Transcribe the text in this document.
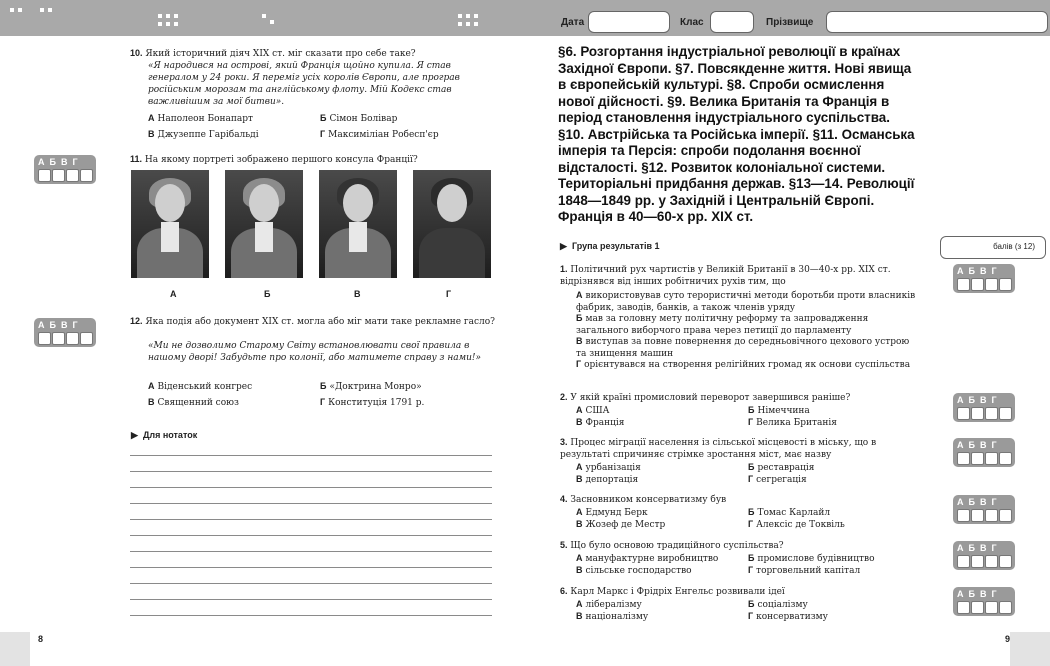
Дата	Клас	Прізвище
8	9
10. Який історичний діяч ХІХ ст. міг сказати про себе таке?
«Я народився на острові, який Франція щойно купила. Я став генералом у 24 роки. Я переміг усіх королів Європи, але програв російським морозам та англійському флоту. Мій Кодекс став важливішим за мої битви».
А Наполеон Бонапарт	Б Сімон Болівар
В Джузеппе Гарібальді	Г Максиміліан Робесп'єр
АБВГ	11. На якому портреті зображено першого консула Франції?
А	Б	В	Г
АБВГ	12. Яка подія або документ ХІХ ст. могла або міг мати таке рекламне гасло?
«Ми не дозволимо Старому Світу встановлювати свої правила в нашому дворі! Забудьте про колонії, або матимете справу з нами!»
А Віденський конгрес	Б «Доктрина Монро»
В Священний союз	Г Конституція 1791 р.
▶  Для нотаток
§6. Розгортання індустріальної революції в країнах Західної Європи. §7. Повсякденне життя. Нові явища в європейській культурі. §8. Спроби осмислення нової дійсності. §9. Велика Британія та Франція в період становлення індустріального суспільства. §10. Австрійська та Російська імперії. §11. Османська імперія та Персія: спроби подолання воєнної відсталості. §12. Розвиток колоніальної системи. Територіальні придбання держав. §13—14. Революції 1848—1849 рр. у Західній і Центральній Європі. Франція в 40—60-х рр. ХІХ ст.
▶  Група результатів 1	балів (з 12)
1. Політичний рух чартистів у Великій Британії в 30—40-х рр. ХІХ ст. відрізнявся від інших робітничих рухів тим, що
А використовував суто терористичні методи боротьби проти власників фабрик, заводів, банків, а також членів уряду
Б мав за головну мету політичну реформу та запровадження загального виборчого права через петиції до парламенту
В виступав за повне повернення до середньовічного цехового устрою та знищення машин
Г орієнтувався на створення релігійних громад як основи суспільства
АБВГ
2. У якій країні промисловий переворот завершився раніше?
А США	Б Німеччина
В Франція	Г Велика Британія
АБВГ
3. Процес міграції населення із сільської місцевості в міську, що в результаті спричиняє стрімке зростання міст, має назву
А урбанізація	Б реставрація
В депортація	Г сегрегація
АБВГ
4. Засновником консерватизму був
А Едмунд Берк	Б Томас Карлайл
В Жозеф де Местр	Г Алексіс де Токвіль
АБВГ
5. Що було основою традиційного суспільства?
А мануфактурне виробництво	Б промислове будівництво
В сільське господарство	Г торговельний капітал
АБВГ
6. Карл Маркс і Фрідріх Енгельс розвивали ідеї
А лібералізму	Б соціалізму
В націоналізму	Г консерватизму
АБВГ
